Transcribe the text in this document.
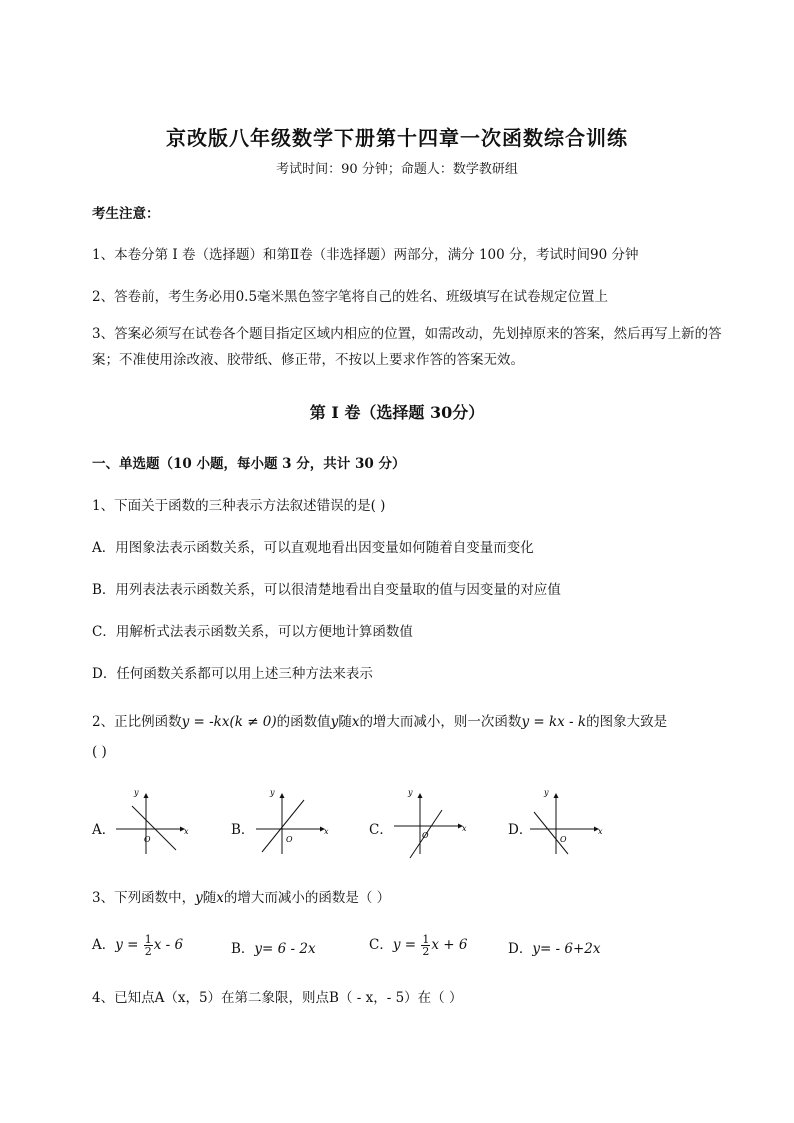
京改版八年级数学下册第十四章一次函数综合训练
考试时间：90 分钟；命题人：数学教研组
考生注意：
1、本卷分第 I 卷（选择题）和第Ⅱ卷（非选择题）两部分，满分 100 分，考试时间90 分钟
2、答卷前，考生务必用0.5毫米黑色签字笔将自己的姓名、班级填写在试卷规定位置上
3、答案必须写在试卷各个题目指定区域内相应的位置，如需改动，先划掉原来的答案，然后再写上新的答案；不准使用涂改液、胶带纸、修正带，不按以上要求作答的答案无效。
第 I 卷（选择题 30分）
一、单选题（10 小题，每小题 3 分，共计 30 分）
1、下面关于函数的三种表示方法叙述错误的是( )
A．用图象法表示函数关系，可以直观地看出因变量如何随着自变量而变化
B．用列表法表示函数关系，可以很清楚地看出自变量取的值与因变量的对应值
C．用解析式法表示函数关系，可以方便地计算函数值
D．任何函数关系都可以用上述三种方法来表示
2、正比例函数y = -kx(k ≠ 0)的函数值y随x的增大而减小，则一次函数y = kx - k的图象大致是
( )
A．	B．	C．	D．
y
x
O
y
x
O
y
x
O
y
x
O
3、下列函数中，y随x的增大而减小的函数是（ ）
A．$y = \frac{1}{2}$ x - 6	B．y= 6 - 2x	C．$y = \frac{1}{2}$ x + 6	D．y= - 6+2x
4、已知点A（x，5）在第二象限，则点B（ - x，- 5）在（ ）
